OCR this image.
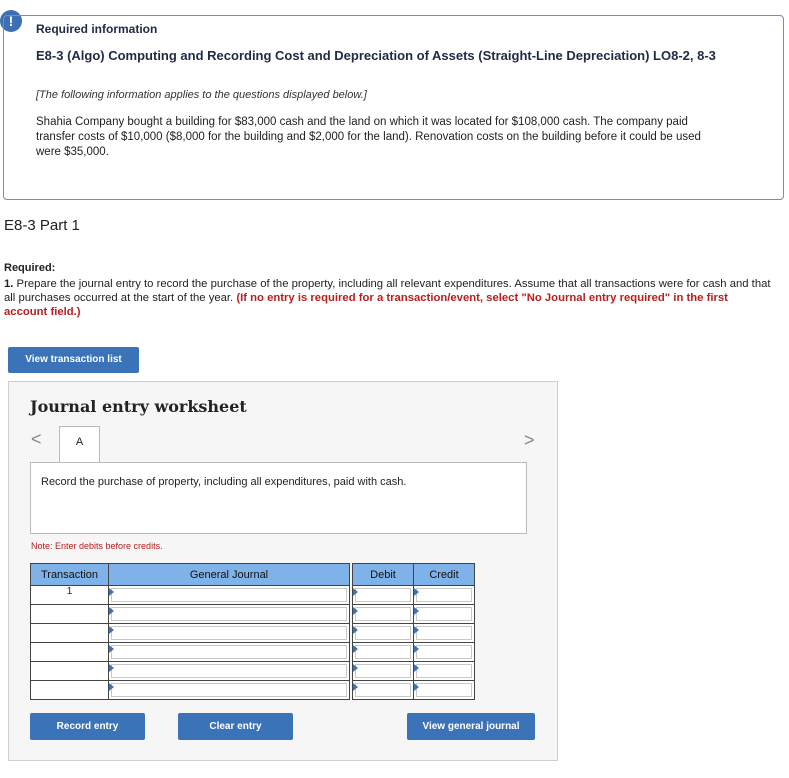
!	Required information
E8-3 (Algo) Computing and Recording Cost and Depreciation of Assets (Straight-Line Depreciation) LO8-2, 8-3
[The following information applies to the questions displayed below.]
Shahia Company bought a building for $83,000 cash and the land on which it was located for $108,000 cash. The company paid transfer costs of $10,000 ($8,000 for the building and $2,000 for the land). Renovation costs on the building before it could be used were $35,000.
E8-3 Part 1
Required:
1. Prepare the journal entry to record the purchase of the property, including all relevant expenditures. Assume that all transactions were for cash and that all purchases occurred at the start of the year. (If no entry is required for a transaction/event, select "No Journal entry required" in the first account field.)
View transaction list
Journal entry worksheet
<	A	>
Record the purchase of property, including all expenditures, paid with cash.
Note: Enter debits before credits.
Transaction	General Journal		Debit	Credit
1	

Record entry	Clear entry	View general journal
